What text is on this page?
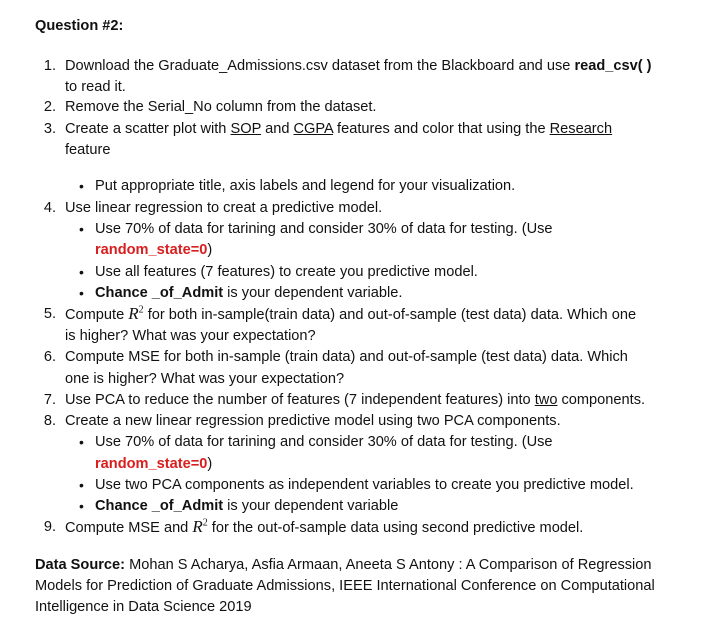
Question #2:
1. Download the Graduate_Admissions.csv dataset from the Blackboard and use read_csv( )
to read it.
2. Remove the Serial_No column from the dataset.
3. Create a scatter plot with SOP and CGPA features and color that using the Research
feature
• Put appropriate title, axis labels and legend for your visualization.
4. Use linear regression to creat a predictive model.
• Use 70% of data for tarining and consider 30% of data for testing. (Use
random_state=0)
• Use all features (7 features) to create you predictive model.
• Chance _of_Admit is your dependent variable.
5. Compute $R^2$ for both in-sample(train data) and out-of-sample (test data) data. Which one
is higher? What was your expectation?
6. Compute MSE for both in-sample (train data) and out-of-sample (test data) data. Which
one is higher? What was your expectation?
7. Use PCA to reduce the number of features (7 independent features) into two components.
8. Create a new linear regression predictive model using two PCA components.
• Use 70% of data for tarining and consider 30% of data for testing. (Use
random_state=0)
• Use two PCA components as independent variables to create you predictive model.
• Chance _of_Admit is your dependent variable
9. Compute MSE and $R^2$ for the out-of-sample data using second predictive model.
Data Source: Mohan S Acharya, Asfia Armaan, Aneeta S Antony : A Comparison of Regression
Models for Prediction of Graduate Admissions, IEEE International Conference on Computational
Intelligence in Data Science 2019
